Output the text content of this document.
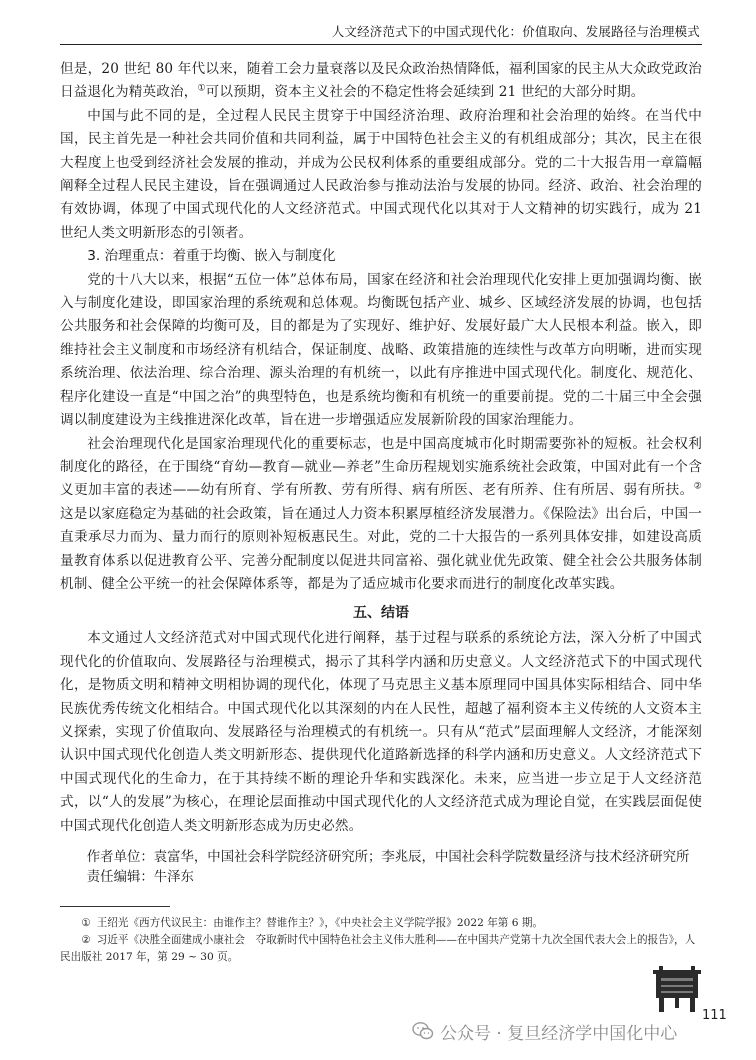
人文经济范式下的中国式现代化：价值取向、发展路径与治理模式

但是，20 世纪 80 年代以来，随着工会力量衰落以及民众政治热情降低，福利国家的民主从大众政党政治日益退化为精英政治，①可以预期，资本主义社会的不稳定性将会延续到 21 世纪的大部分时期。

中国与此不同的是，全过程人民民主贯穿于中国经济治理、政府治理和社会治理的始终。在当代中国，民主首先是一种社会共同价值和共同利益，属于中国特色社会主义的有机组成部分；其次，民主在很大程度上也受到经济社会发展的推动，并成为公民权利体系的重要组成部分。党的二十大报告用一章篇幅阐释全过程人民民主建设，旨在强调通过人民政治参与推动法治与发展的协同。经济、政治、社会治理的有效协调，体现了中国式现代化的人文经济范式。中国式现代化以其对于人文精神的切实践行，成为 21 世纪人类文明新形态的引领者。

3. 治理重点：着重于均衡、嵌入与制度化

党的十八大以来，根据“五位一体”总体布局，国家在经济和社会治理现代化安排上更加强调均衡、嵌入与制度化建设，即国家治理的系统观和总体观。均衡既包括产业、城乡、区域经济发展的协调，也包括公共服务和社会保障的均衡可及，目的都是为了实现好、维护好、发展好最广大人民根本利益。嵌入，即维持社会主义制度和市场经济有机结合，保证制度、战略、政策措施的连续性与改革方向明晰，进而实现系统治理、依法治理、综合治理、源头治理的有机统一，以此有序推进中国式现代化。制度化、规范化、程序化建设一直是“中国之治”的典型特色，也是系统均衡和有机统一的重要前提。党的二十届三中全会强调以制度建设为主线推进深化改革，旨在进一步增强适应发展新阶段的国家治理能力。

社会治理现代化是国家治理现代化的重要标志，也是中国高度城市化时期需要弥补的短板。社会权利制度化的路径，在于围绕“育幼—教育—就业—养老”生命历程规划实施系统社会政策，中国对此有一个含义更加丰富的表述——幼有所育、学有所教、劳有所得、病有所医、老有所养、住有所居、弱有所扶。② 这是以家庭稳定为基础的社会政策，旨在通过人力资本积累厚植经济发展潜力。《保险法》出台后，中国一直秉承尽力而为、量力而行的原则补短板惠民生。对此，党的二十大报告的一系列具体安排，如建设高质量教育体系以促进教育公平、完善分配制度以促进共同富裕、强化就业优先政策、健全社会公共服务体制机制、健全公平统一的社会保障体系等，都是为了适应城市化要求而进行的制度化改革实践。

五、结语

本文通过人文经济范式对中国式现代化进行阐释，基于过程与联系的系统论方法，深入分析了中国式现代化的价值取向、发展路径与治理模式，揭示了其科学内涵和历史意义。人文经济范式下的中国式现代化，是物质文明和精神文明相协调的现代化，体现了马克思主义基本原理同中国具体实际相结合、同中华民族优秀传统文化相结合。中国式现代化以其深刻的内在人民性，超越了福利资本主义传统的人文资本主义探索，实现了价值取向、发展路径与治理模式的有机统一。只有从“范式”层面理解人文经济，才能深刻认识中国式现代化创造人类文明新形态、提供现代化道路新选择的科学内涵和历史意义。人文经济范式下中国式现代化的生命力，在于其持续不断的理论升华和实践深化。未来，应当进一步立足于人文经济范式，以“人的发展”为核心，在理论层面推动中国式现代化的人文经济范式成为理论自觉，在实践层面促使中国式现代化创造人类文明新形态成为历史必然。

作者单位：袁富华，中国社会科学院经济研究所；李兆辰，中国社会科学院数量经济与技术经济研究所

责任编辑：牛泽东

① 王绍光《西方代议民主：由谁作主？替谁作主？》，《中央社会主义学院学报》2022 年第 6 期。

② 习近平《决胜全面建成小康社会　夺取新时代中国特色社会主义伟大胜利——在中国共产党第十九次全国代表大会上的报告》，人民出版社 2017 年，第 29 ~ 30 页。

111
公众号 · 复旦经济学中国化中心
